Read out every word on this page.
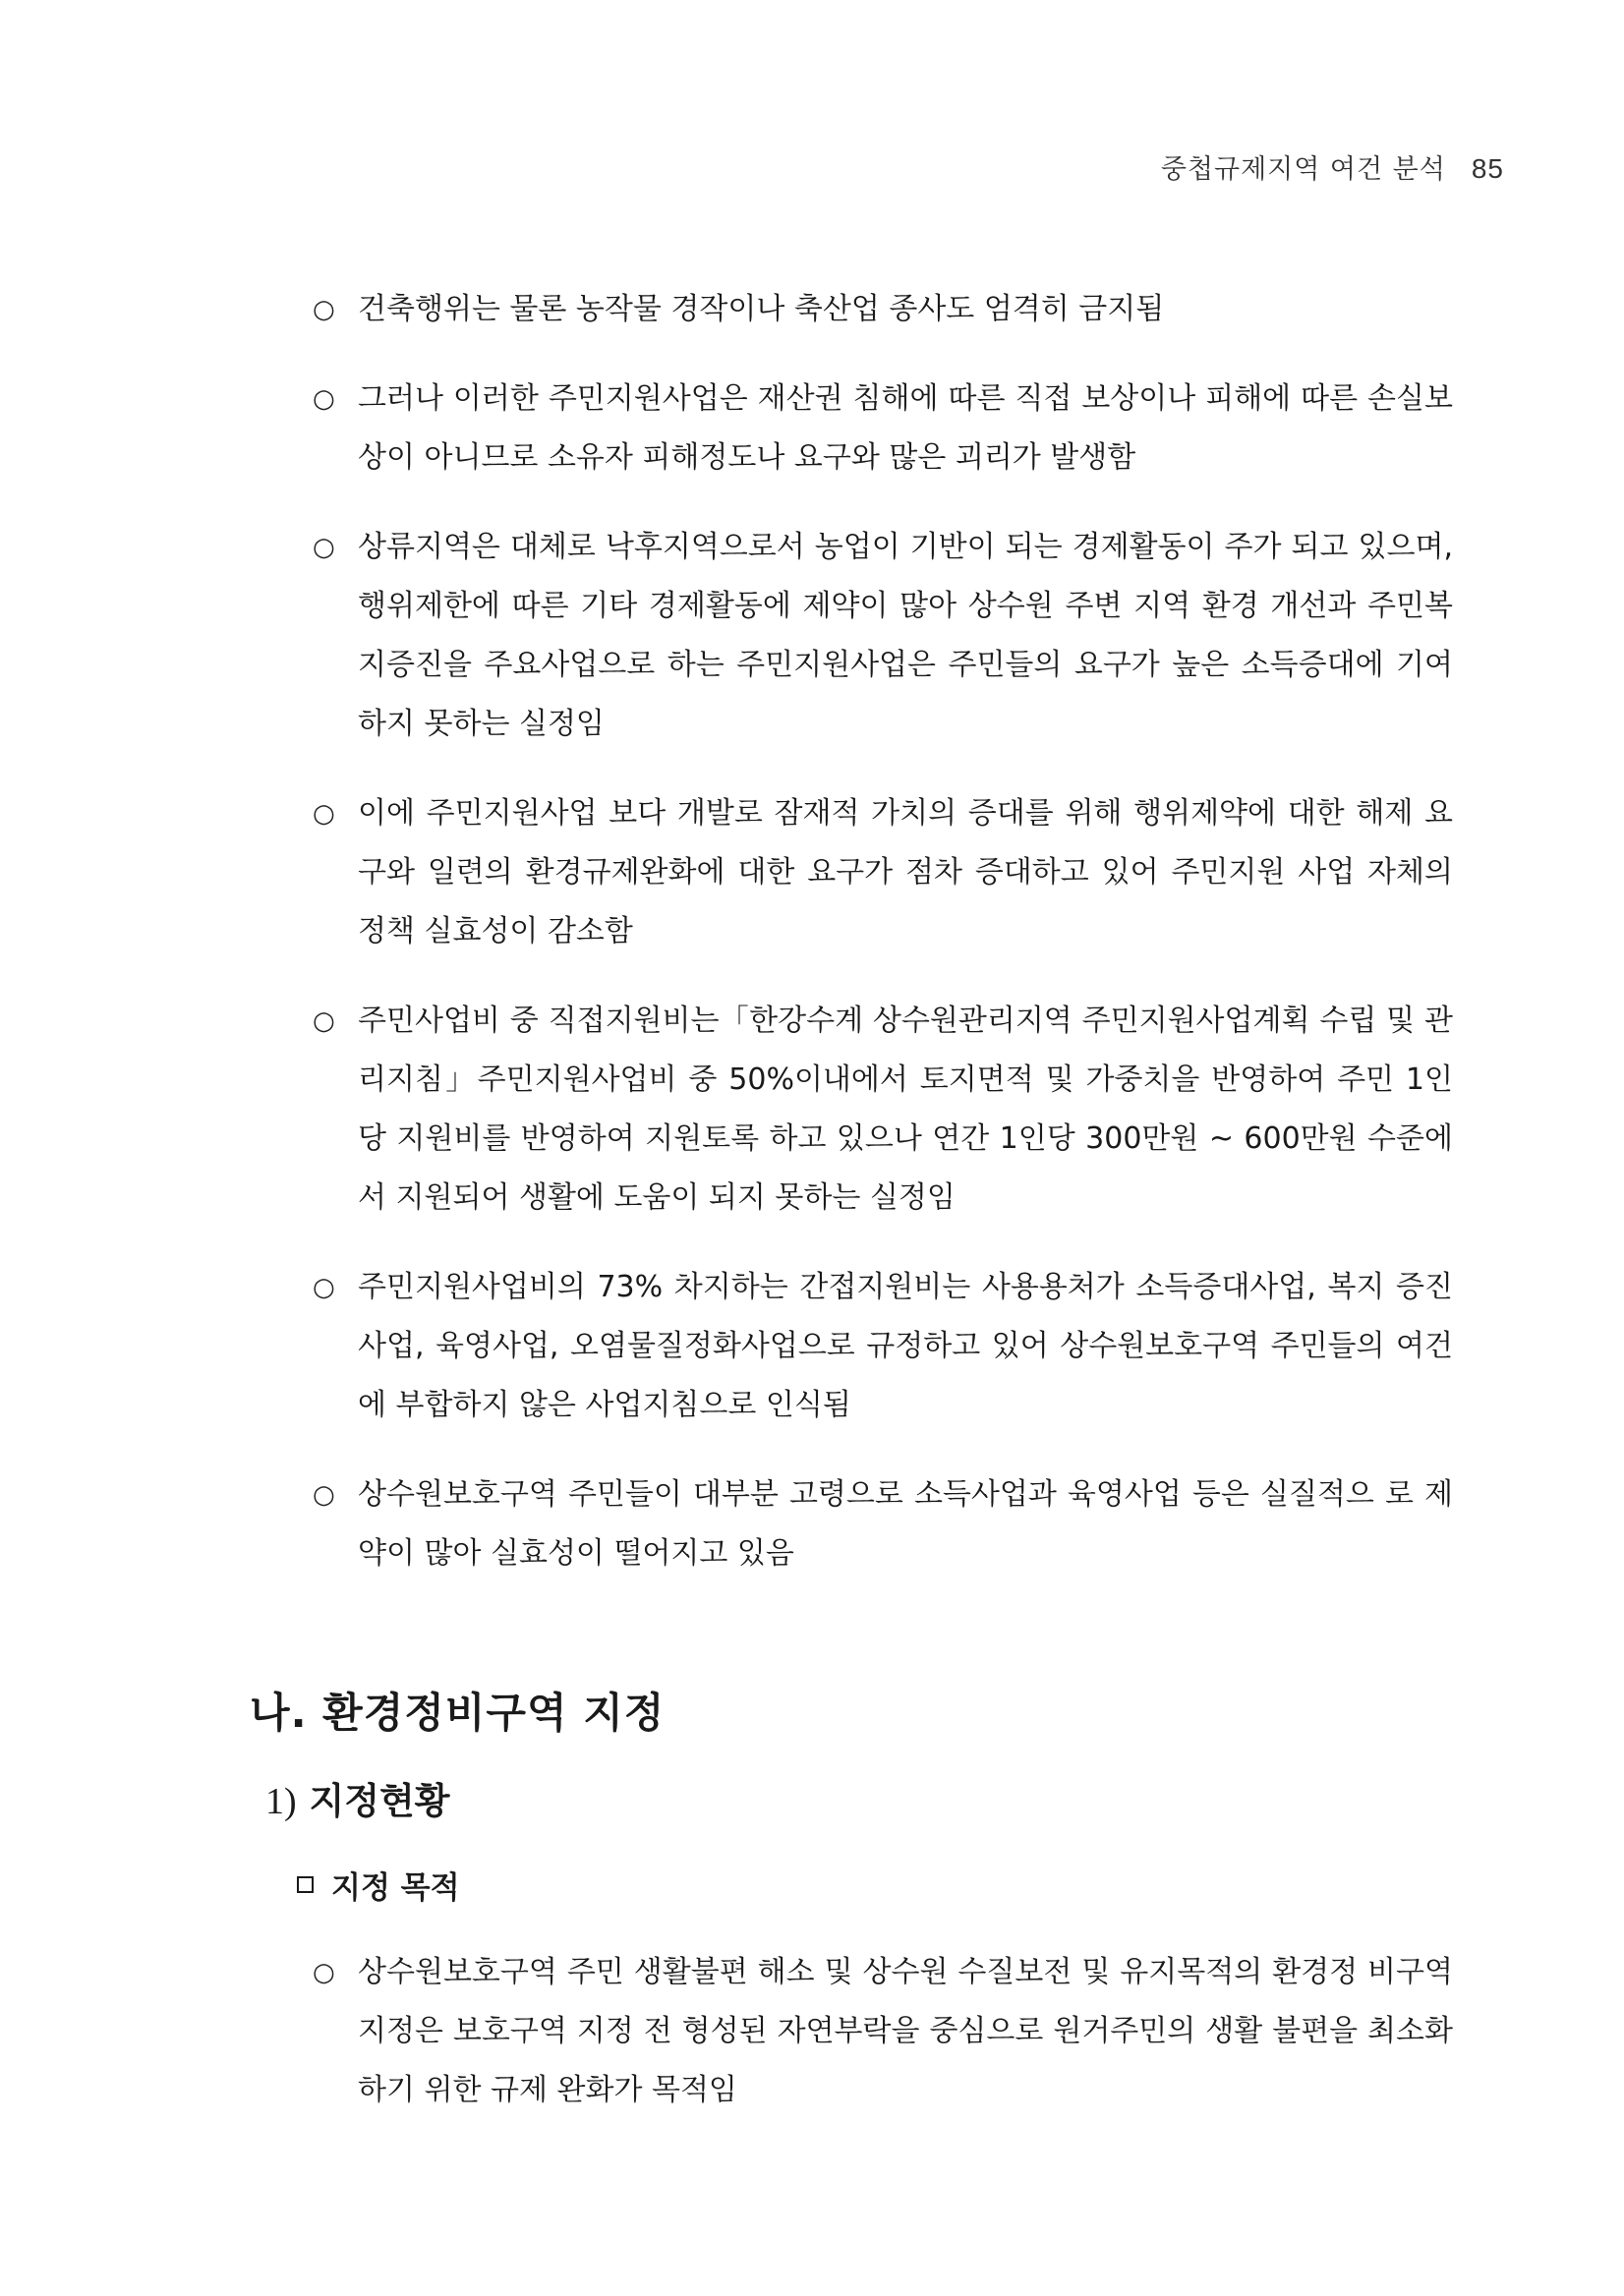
중첩규제지역 여건 분석 85
○ 건축행위는 물론 농작물 경작이나 축산업 종사도 엄격히 금지됨
○ 그러나 이러한 주민지원사업은 재산권 침해에 따른 직접 보상이나 피해에 따른 손실보상이 아니므로 소유자 피해정도나 요구와 많은 괴리가 발생함
○ 상류지역은 대체로 낙후지역으로서 농업이 기반이 되는 경제활동이 주가 되고 있으며, 행위제한에 따른 기타 경제활동에 제약이 많아 상수원 주변 지역 환경 개선과 주민복지증진을 주요사업으로 하는 주민지원사업은 주민들의 요구가 높은 소득증대에 기여하지 못하는 실정임
○ 이에 주민지원사업 보다 개발로 잠재적 가치의 증대를 위해 행위제약에 대한 해제 요구와 일련의 환경규제완화에 대한 요구가 점차 증대하고 있어 주민지원 사업 자체의 정책 실효성이 감소함
○ 주민사업비 중 직접지원비는「한강수계 상수원관리지역 주민지원사업계획 수립 및 관리지침」주민지원사업비 중 50%이내에서 토지면적 및 가중치을 반영하여 주민 1인당 지원비를 반영하여 지원토록 하고 있으나 연간 1인당 300만원 ~ 600만원 수준에서 지원되어 생활에 도움이 되지 못하는 실정임
○ 주민지원사업비의 73% 차지하는 간접지원비는 사용용처가 소득증대사업, 복지 증진사업, 육영사업, 오염물질정화사업으로 규정하고 있어 상수원보호구역 주민들의 여건에 부합하지 않은 사업지침으로 인식됨
○ 상수원보호구역 주민들이 대부분 고령으로 소득사업과 육영사업 등은 실질적으 로 제약이 많아 실효성이 떨어지고 있음
나. 환경정비구역 지정
1) 지정현황
지정 목적
○ 상수원보호구역 주민 생활불편 해소 및 상수원 수질보전 및 유지목적의 환경정 비구역 지정은 보호구역 지정 전 형성된 자연부락을 중심으로 원거주민의 생활 불편을 최소화하기 위한 규제 완화가 목적임
